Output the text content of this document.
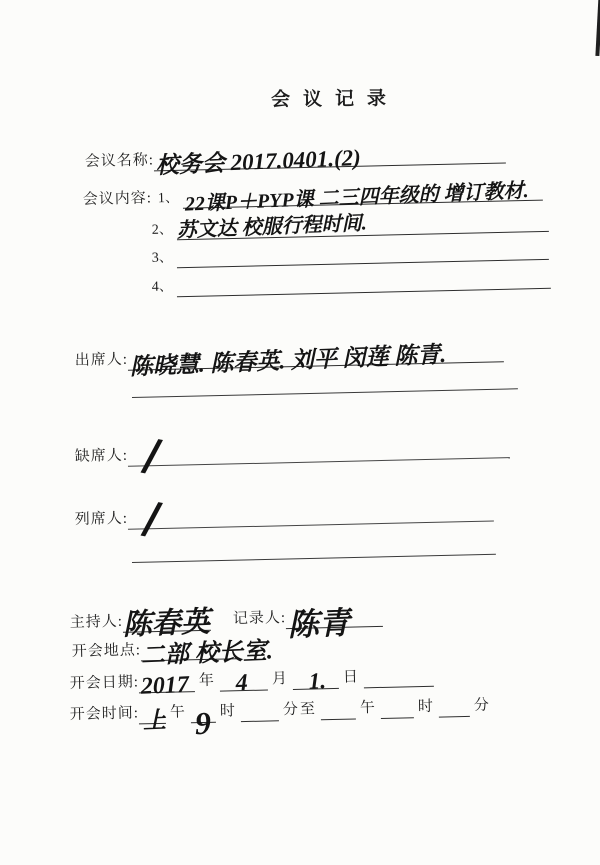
会议记录
会议名称: 校务会 2017.0401.(2)
会议内容: 1、 22课P＋PYP课 二三四年级的 增订教材.
2、 苏文达 校服行程时间.
3、
4、
出席人: 陈晓慧. 陈春英. 刘平 闵莲 陈青.
缺席人: /
列席人: /
主持人: 陈春英 记录人: 陈青
开会地点: 二部 校长室.
开会日期: 2017 年 4 月 1. 日
开会时间: 上 午 9 时	分至	午	时	分
